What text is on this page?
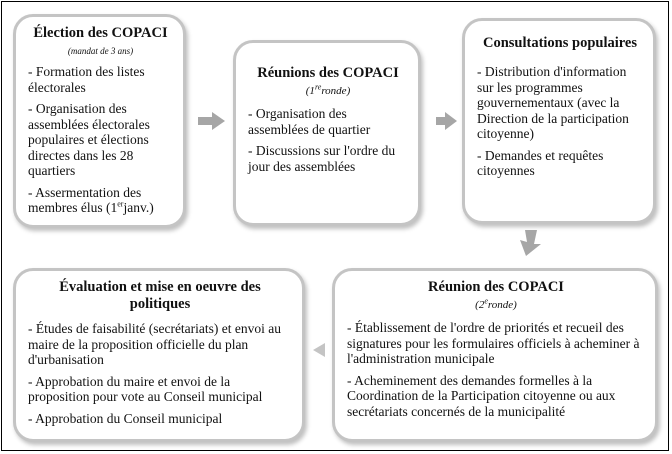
Élection des COPACI
(mandat de 3 ans)
- Formation des listes électorales
- Organisation des assemblées électorales populaires et élections directes dans les 28 quartiers
- Assermentation des membres élus (1erjanv.)
Réunions des COPACI
(1reronde)
- Organisation des assemblées de quartier
- Discussions sur l'ordre du jour des assemblées
Consultations populaires
- Distribution d'information sur les programmes gouvernementaux (avec la Direction de la participation citoyenne)
- Demandes et requêtes citoyennes
Réunion des COPACI
(2eronde)
- Établissement de l'ordre de priorités et recueil des signatures pour les formulaires officiels à acheminer à l'administration municipale
- Acheminement des demandes formelles à la Coordination de la Participation citoyenne ou aux secrétariats concernés de la municipalité
Évaluation et mise en oeuvre des politiques
- Études de faisabilité (secrétariats) et envoi au maire de la proposition officielle du plan d'urbanisation
- Approbation du maire et envoi de la proposition pour vote au Conseil municipal
- Approbation du Conseil municipal
